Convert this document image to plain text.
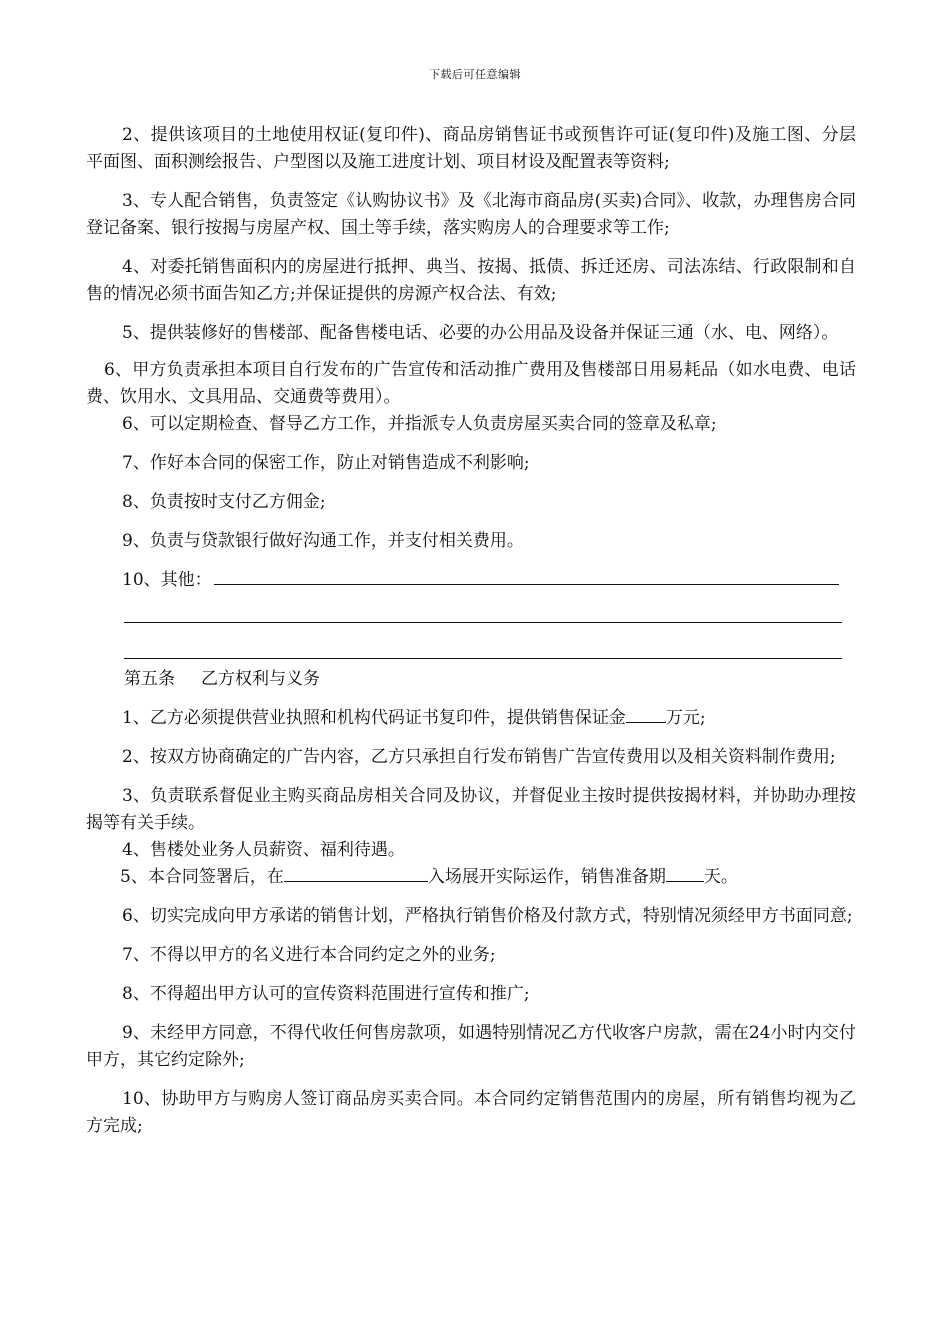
下载后可任意编辑

2、提供该项目的土地使用权证(复印件)、商品房销售证书或预售许可证(复印件)及施工图、分层平面图、面积测绘报告、户型图以及施工进度计划、项目材设及配置表等资料;

3、专人配合销售，负责签定《认购协议书》及《北海市商品房(买卖)合同》、收款，办理售房合同登记备案、银行按揭与房屋产权、国土等手续，落实购房人的合理要求等工作;

4、对委托销售面积内的房屋进行抵押、典当、按揭、抵债、拆迁还房、司法冻结、行政限制和自售的情况必须书面告知乙方;并保证提供的房源产权合法、有效;

5、提供装修好的售楼部、配备售楼电话、必要的办公用品及设备并保证三通（水、电、网络）。

6、甲方负责承担本项目自行发布的广告宣传和活动推广费用及售楼部日用易耗品（如水电费、电话费、饮用水、文具用品、交通费等费用）。

6、可以定期检查、督导乙方工作，并指派专人负责房屋买卖合同的签章及私章;

7、作好本合同的保密工作，防止对销售造成不利影响;

8、负责按时支付乙方佣金;

9、负责与贷款银行做好沟通工作，并支付相关费用。

10、其他：

第五条 乙方权利与义务

1、乙方必须提供营业执照和机构代码证书复印件，提供销售保证金 万元;

2、按双方协商确定的广告内容，乙方只承担自行发布销售广告宣传费用以及相关资料制作费用;

3、负责联系督促业主购买商品房相关合同及协议，并督促业主按时提供按揭材料，并协助办理按揭等有关手续。

4、售楼处业务人员薪资、福利待遇。

5、本合同签署后，在	入场展开实际运作，销售准备期 天。

6、切实完成向甲方承诺的销售计划，严格执行销售价格及付款方式，特别情况须经甲方书面同意;

7、不得以甲方的名义进行本合同约定之外的业务;

8、不得超出甲方认可的宣传资料范围进行宣传和推广;

9、未经甲方同意，不得代收任何售房款项，如遇特别情况乙方代收客户房款，需在24小时内交付甲方，其它约定除外;

10、协助甲方与购房人签订商品房买卖合同。本合同约定销售范围内的房屋，所有销售均视为乙方完成;
